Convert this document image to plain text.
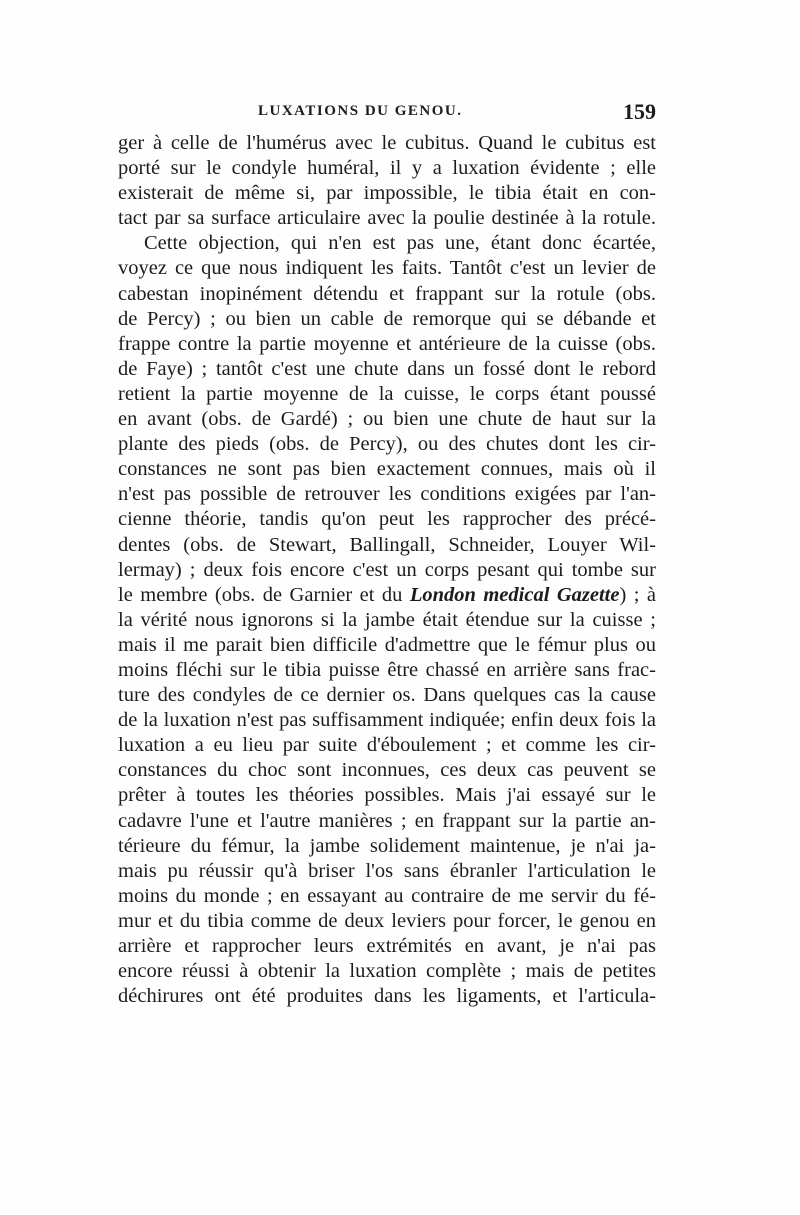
LUXATIONS DU GENOU.	159
ger à celle de l'humérus avec le cubitus. Quand le cubitus est
porté sur le condyle huméral, il y a luxation évidente ; elle
existerait de même si, par impossible, le tibia était en con-
tact par sa surface articulaire avec la poulie destinée à la rotule.
Cette objection, qui n'en est pas une, étant donc écartée,
voyez ce que nous indiquent les faits. Tantôt c'est un levier de
cabestan inopinément détendu et frappant sur la rotule (obs.
de Percy) ; ou bien un cable de remorque qui se débande et
frappe contre la partie moyenne et antérieure de la cuisse (obs.
de Faye) ; tantôt c'est une chute dans un fossé dont le rebord
retient la partie moyenne de la cuisse, le corps étant poussé
en avant (obs. de Gardé) ; ou bien une chute de haut sur la
plante des pieds (obs. de Percy), ou des chutes dont les cir-
constances ne sont pas bien exactement connues, mais où il
n'est pas possible de retrouver les conditions exigées par l'an-
cienne théorie, tandis qu'on peut les rapprocher des précé-
dentes (obs. de Stewart, Ballingall, Schneider, Louyer Wil-
lermay) ; deux fois encore c'est un corps pesant qui tombe sur
le membre (obs. de Garnier et du London medical Gazette) ; à
la vérité nous ignorons si la jambe était étendue sur la cuisse ;
mais il me parait bien difficile d'admettre que le fémur plus ou
moins fléchi sur le tibia puisse être chassé en arrière sans frac-
ture des condyles de ce dernier os. Dans quelques cas la cause
de la luxation n'est pas suffisamment indiquée; enfin deux fois la
luxation a eu lieu par suite d'éboulement ; et comme les cir-
constances du choc sont inconnues, ces deux cas peuvent se
prêter à toutes les théories possibles. Mais j'ai essayé sur le
cadavre l'une et l'autre manières ; en frappant sur la partie an-
térieure du fémur, la jambe solidement maintenue, je n'ai ja-
mais pu réussir qu'à briser l'os sans ébranler l'articulation le
moins du monde ; en essayant au contraire de me servir du fé-
mur et du tibia comme de deux leviers pour forcer, le genou en
arrière et rapprocher leurs extrémités en avant, je n'ai pas
encore réussi à obtenir la luxation complète ; mais de petites
déchirures ont été produites dans les ligaments, et l'articula-
